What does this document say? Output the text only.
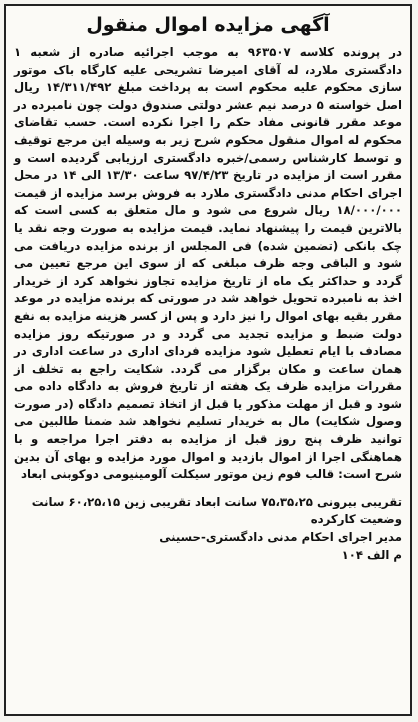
آگهی مزایده اموال منقول

در پرونده کلاسه ۹۶۳۵۰۷ به موجب اجرائیه صادره از شعبه ۱ دادگستری ملارد، له آقای امیرضا تشریحی علیه کارگاه باک موتور سازی محکوم علیه محکوم است به پرداخت مبلغ ۱۴/۳۱۱/۴۹۲ ریال اصل خواسته ۵ درصد نیم عشر دولتی صندوق دولت چون نامبرده در موعد مقرر قانونی مفاد حکم را اجرا نکرده است. حسب تقاضای محکوم له اموال منقول محکوم شرح زیر به وسیله این مرجع توقیف و توسط کارشناس رسمی/خبره دادگستری ارزیابی گردیده است و مقرر است از مزایده در تاریخ ۹۷/۴/۲۳ ساعت ۱۳/۳۰ الی ۱۴ در محل اجرای احکام مدنی دادگستری ملارد به فروش برسد مزایده از قیمت ۱۸/۰۰۰/۰۰۰ ریال شروع می شود و مال متعلق به کسی است که بالاترین قیمت را پیشنهاد نماید. قیمت مزایده به صورت وجه نقد یا چک بانکی (تضمین شده) فی المجلس از برنده مزایده دریافت می شود و الباقی وجه ظرف مبلغی که از سوی این مرجع تعیین می گردد و حداکثر یک ماه از تاریخ مزایده تجاوز نخواهد کرد از خریدار اخذ به نامبرده تحویل خواهد شد در صورتی که برنده مزایده در موعد مقرر بقیه بهای اموال را نیز دارد و پس از کسر هزینه مزایده به نفع دولت ضبط و مزایده تجدید می گردد و در صورتیکه روز مزایده مصادف با ایام تعطیل شود مزایده فردای اداری در ساعت اداری در همان ساعت و مکان برگزار می گردد. شکایت راجع به تخلف از مقررات مزایده ظرف یک هفته از تاریخ فروش به دادگاه داده می شود و قبل از مهلت مذکور یا قبل از اتخاذ تصمیم دادگاه (در صورت وصول شکایت) مال به خریدار تسلیم نخواهد شد ضمنا طالبین می توانید ظرف پنج روز قبل از مزایده به دفتر اجرا مراجعه و با هماهنگی اجرا از اموال بازدید و اموال مورد مزایده و بهای آن بدین شرح است: قالب فوم زین موتور سیکلت آلومینیومی دوکوبنی ابعاد

تقریبی بیرونی ۷۵،۳۵،۲۵ سانت ابعاد تقریبی زین ۶۰،۲۵،۱۵ سانت

وضعیت کارکرده

مدیر اجرای احکام مدنی دادگستری-حسینی

م الف ۱۰۴
